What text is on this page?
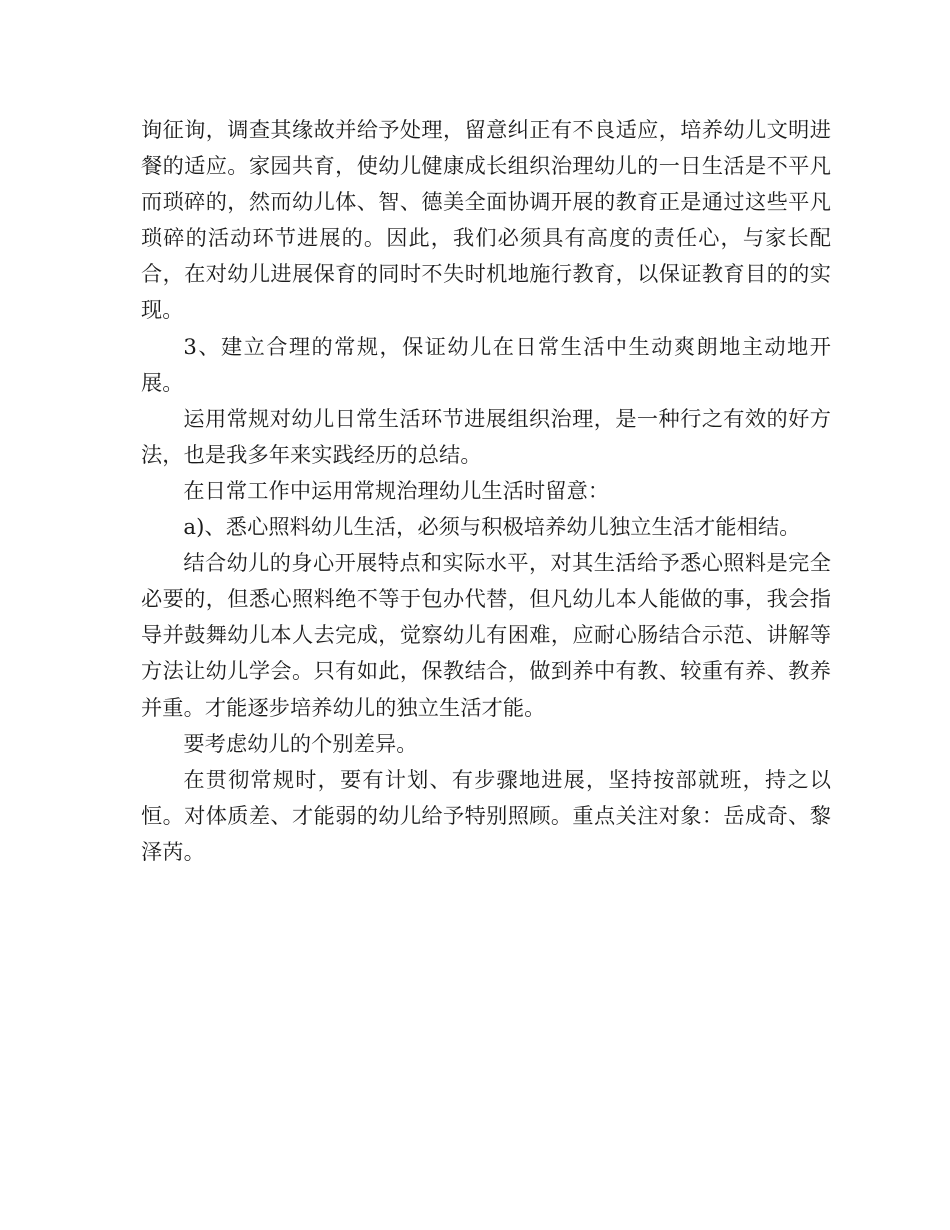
询征询，调查其缘故并给予处理，留意纠正有不良适应，培养幼儿文明进餐的适应。家园共育，使幼儿健康成长组织治理幼儿的一日生活是不平凡而琐碎的，然而幼儿体、智、德美全面协调开展的教育正是通过这些平凡琐碎的活动环节进展的。因此，我们必须具有高度的责任心，与家长配合，在对幼儿进展保育的同时不失时机地施行教育，以保证教育目的的实现。

3、建立合理的常规，保证幼儿在日常生活中生动爽朗地主动地开展。

运用常规对幼儿日常生活环节进展组织治理，是一种行之有效的好方法，也是我多年来实践经历的总结。

在日常工作中运用常规治理幼儿生活时留意：

a)、悉心照料幼儿生活，必须与积极培养幼儿独立生活才能相结。

结合幼儿的身心开展特点和实际水平，对其生活给予悉心照料是完全必要的，但悉心照料绝不等于包办代替，但凡幼儿本人能做的事，我会指导并鼓舞幼儿本人去完成，觉察幼儿有困难，应耐心肠结合示范、讲解等方法让幼儿学会。只有如此，保教结合，做到养中有教、较重有养、教养并重。才能逐步培养幼儿的独立生活才能。

要考虑幼儿的个别差异。

在贯彻常规时，要有计划、有步骤地进展，坚持按部就班，持之以恒。对体质差、才能弱的幼儿给予特别照顾。重点关注对象：岳成奇、黎泽芮。
